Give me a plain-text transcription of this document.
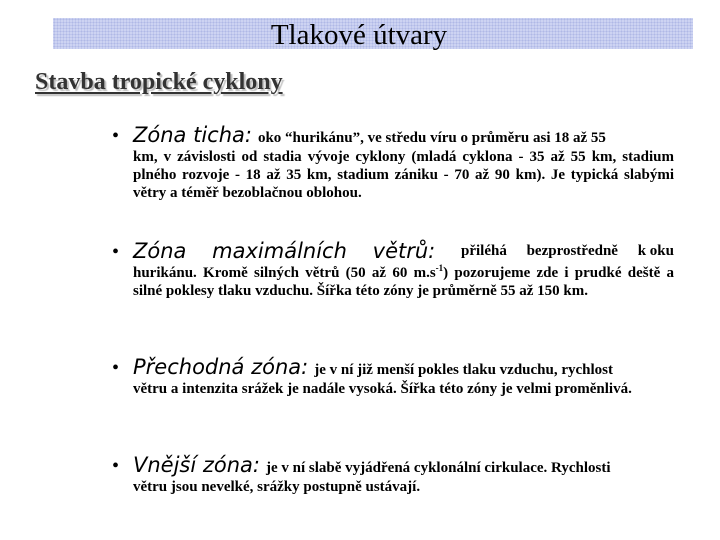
Tlakové útvary
Stavba tropické cyklony
• Zóna ticha: oko “hurikánu”, ve středu víru o průměru asi 18 až 55
km, v závislosti od stadia vývoje cyklony (mladá cyklona - 35 až 55 km, stadium plného rozvoje - 18 až 35 km, stadium zániku - 70 až 90 km). Je typická slabými větry a téměř bezoblačnou oblohou.
• Zóna maximálních větrů: přiléhá bezprostředně k oku
hurikánu. Kromě silných větrů (50 až 60 $m.s^{-1}$) pozorujeme zde i prudké deště a silné poklesy tlaku vzduchu. Šířka této zóny je průměrně 55 až 150 km.
• Přechodná zóna: je v ní již menší pokles tlaku vzduchu, rychlost
větru a intenzita srážek je nadále vysoká. Šířka této zóny je velmi proměnlivá.
• Vnější zóna: je v ní slabě vyjádřená cyklonální cirkulace. Rychlosti
větru jsou nevelké, srážky postupně ustávají.
